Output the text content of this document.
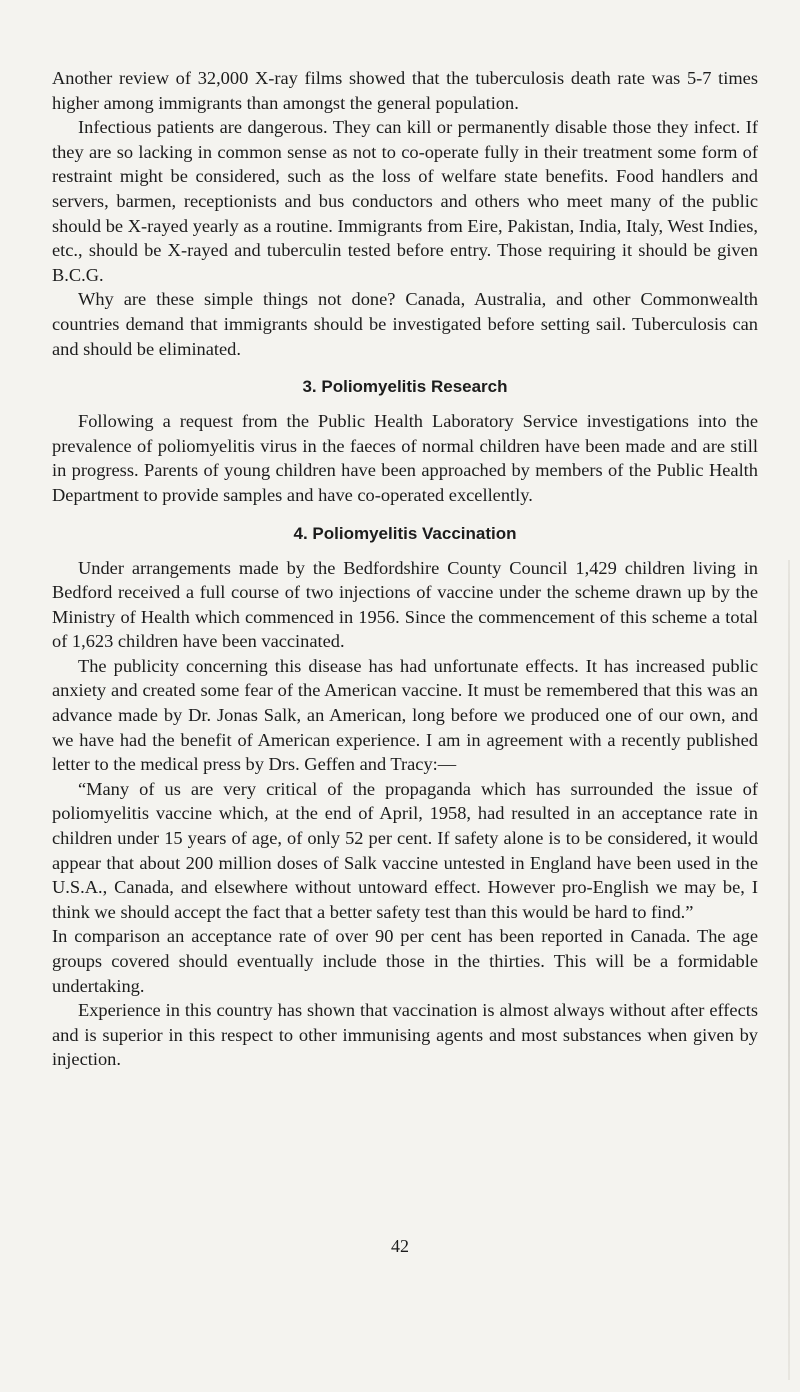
Another review of 32,000 X-ray films showed that the tuberculosis death rate was 5-7 times higher among immigrants than amongst the general population.

Infectious patients are dangerous. They can kill or permanently disable those they infect. If they are so lacking in common sense as not to co-operate fully in their treatment some form of restraint might be considered, such as the loss of welfare state benefits. Food handlers and servers, barmen, receptionists and bus conductors and others who meet many of the public should be X-rayed yearly as a routine. Immigrants from Eire, Pakistan, India, Italy, West Indies, etc., should be X-rayed and tuberculin tested before entry. Those requiring it should be given B.C.G.

Why are these simple things not done? Canada, Australia, and other Commonwealth countries demand that immigrants should be investigated before setting sail. Tuberculosis can and should be eliminated.

3. Poliomyelitis Research

Following a request from the Public Health Laboratory Service investigations into the prevalence of poliomyelitis virus in the faeces of normal children have been made and are still in progress. Parents of young children have been approached by members of the Public Health Department to provide samples and have co-operated excellently.

4. Poliomyelitis Vaccination

Under arrangements made by the Bedfordshire County Council 1,429 children living in Bedford received a full course of two injections of vaccine under the scheme drawn up by the Ministry of Health which commenced in 1956. Since the commencement of this scheme a total of 1,623 children have been vaccinated.

The publicity concerning this disease has had unfortunate effects. It has increased public anxiety and created some fear of the American vaccine. It must be remembered that this was an advance made by Dr. Jonas Salk, an American, long before we produced one of our own, and we have had the benefit of American experience. I am in agreement with a recently published letter to the medical press by Drs. Geffen and Tracy:—

“Many of us are very critical of the propaganda which has surrounded the issue of poliomyelitis vaccine which, at the end of April, 1958, had resulted in an acceptance rate in children under 15 years of age, of only 52 per cent. If safety alone is to be considered, it would appear that about 200 million doses of Salk vaccine untested in England have been used in the U.S.A., Canada, and elsewhere without untoward effect. However pro-English we may be, I think we should accept the fact that a better safety test than this would be hard to find.”

In comparison an acceptance rate of over 90 per cent has been reported in Canada. The age groups covered should eventually include those in the thirties. This will be a formidable undertaking.

Experience in this country has shown that vaccination is almost always without after effects and is superior in this respect to other immunising agents and most substances when given by injection.

42
